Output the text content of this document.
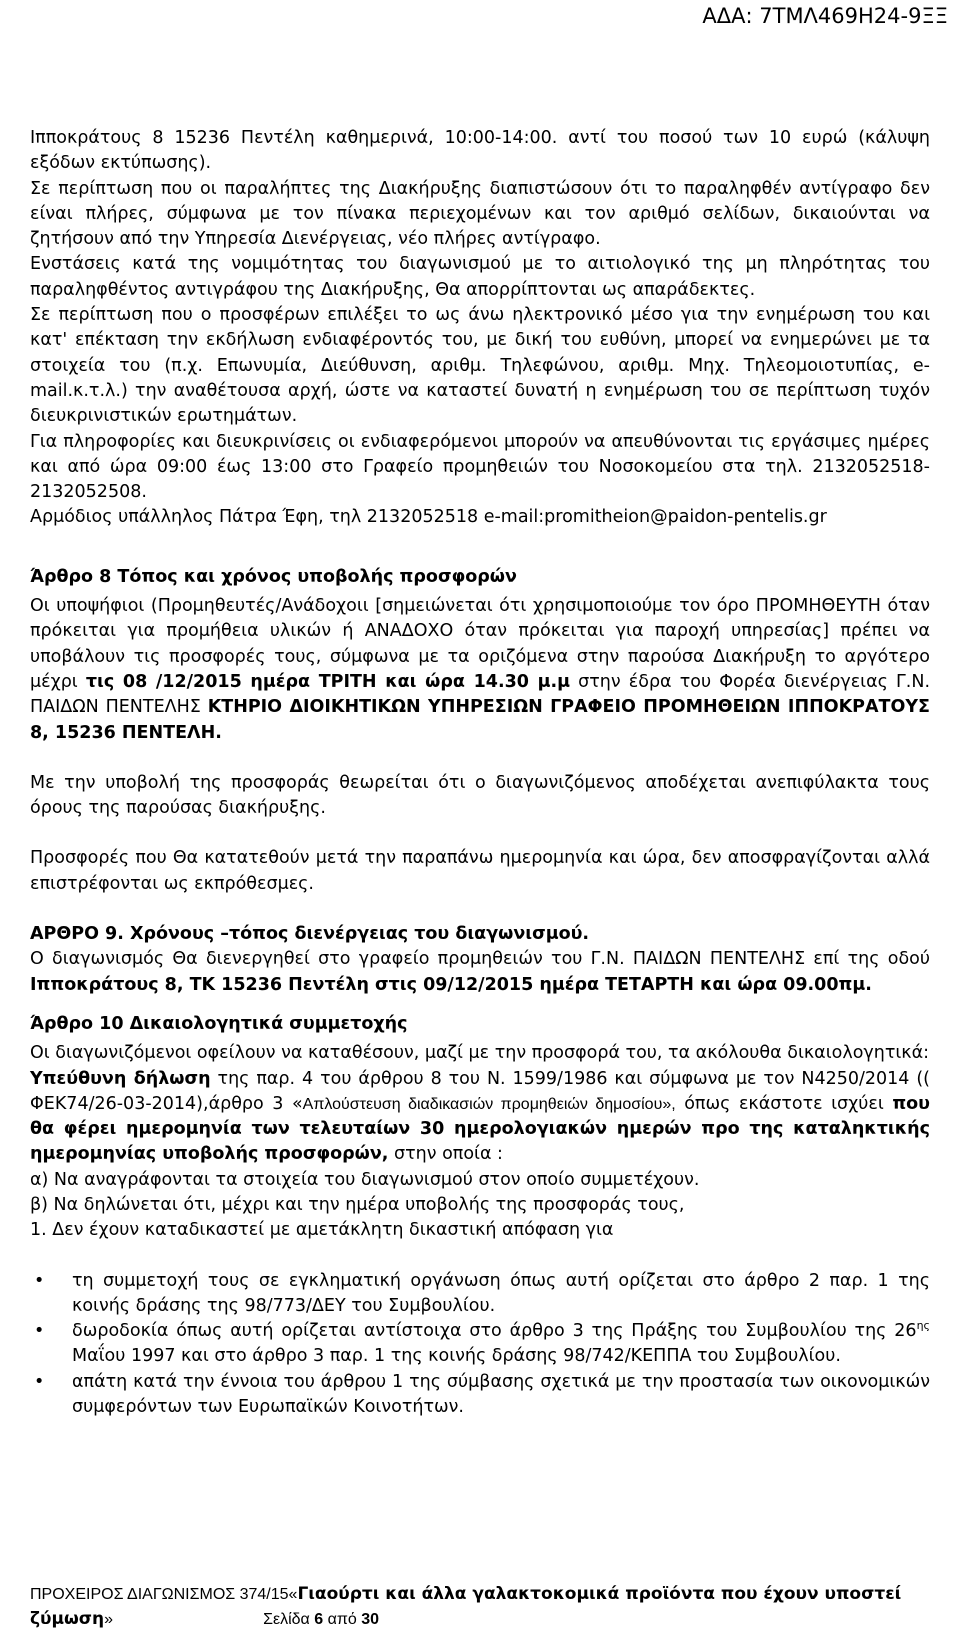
ΑΔΑ: 7ΤΜΛ469Η24-9ΞΞ

Ιπποκράτους 8 15236 Πεντέλη καθημερινά, 10:00-14:00. αντί του ποσού των 10 ευρώ (κάλυψη εξόδων εκτύπωσης).

Σε περίπτωση που οι παραλήπτες της Διακήρυξης διαπιστώσουν ότι το παραληφθέν αντίγραφο δεν είναι πλήρες, σύμφωνα με τον πίνακα περιεχομένων και τον αριθμό σελίδων, δικαιούνται να ζητήσουν από την Υπηρεσία Διενέργειας, νέο πλήρες αντίγραφο.

Ενστάσεις κατά της νομιμότητας του διαγωνισμού με το αιτιολογικό της μη πληρότητας του παραληφθέντος αντιγράφου της Διακήρυξης, Θα απορρίπτονται ως απαράδεκτες.

Σε περίπτωση που ο προσφέρων επιλέξει το ως άνω ηλεκτρονικό μέσο για την ενημέρωση του και κατ' επέκταση την εκδήλωση ενδιαφέροντός του, με δική του ευθύνη, μπορεί να ενημερώνει με τα στοιχεία του (π.χ. Επωνυμία, Διεύθυνση, αριθμ. Τηλεφώνου, αριθμ. Μηχ. Τηλεομοιοτυπίας, e-mail.κ.τ.λ.) την αναθέτουσα αρχή, ώστε να καταστεί δυνατή η ενημέρωση του σε περίπτωση τυχόν διευκρινιστικών ερωτημάτων.

Για πληροφορίες και διευκρινίσεις οι ενδιαφερόμενοι μπορούν να απευθύνονται τις εργάσιμες ημέρες και από ώρα 09:00 έως 13:00 στο Γραφείο προμηθειών του Νοσοκομείου στα τηλ. 2132052518-2132052508.

Αρμόδιος υπάλληλος Πάτρα Έφη, τηλ 2132052518 e-mail:promitheion@paidon-pentelis.gr

Άρθρο 8 Τόπος και χρόνος υποβολής προσφορών

Οι υποψήφιοι (Προμηθευτές/Ανάδοχοιι [σημειώνεται ότι χρησιμοποιούμε τον όρο ΠΡΟΜΗΘΕΥΤΗ όταν πρόκειται για προμήθεια υλικών ή ΑΝΑΔΟΧΟ όταν πρόκειται για παροχή υπηρεσίας] πρέπει να υποβάλουν τις προσφορές τους, σύμφωνα με τα οριζόμενα στην παρούσα Διακήρυξη το αργότερο μέχρι τις 08 /12/2015 ημέρα ΤΡΙΤΗ και ώρα 14.30 μ.μ στην έδρα του Φορέα διενέργειας Γ.Ν. ΠΑΙΔΩΝ ΠΕΝΤΕΛΗΣ ΚΤΗΡΙΟ ΔΙΟΙΚΗΤΙΚΩΝ ΥΠΗΡΕΣΙΩΝ ΓΡΑΦΕΙΟ ΠΡΟΜΗΘΕΙΩΝ ΙΠΠΟΚΡΑΤΟΥΣ 8, 15236 ΠΕΝΤΕΛΗ.

Με την υποβολή της προσφοράς θεωρείται ότι ο διαγωνιζόμενος αποδέχεται ανεπιφύλακτα τους όρους της παρούσας διακήρυξης.

Προσφορές που Θα κατατεθούν μετά την παραπάνω ημερομηνία και ώρα, δεν αποσφραγίζονται αλλά επιστρέφονται ως εκπρόθεσμες.

ΑΡΘΡΟ 9. Χρόνους –τόπος διενέργειας του διαγωνισμού.

Ο διαγωνισμός Θα διενεργηθεί στο γραφείο προμηθειών του Γ.Ν. ΠΑΙΔΩΝ ΠΕΝΤΕΛΗΣ επί της οδού Ιπποκράτους 8, ΤΚ 15236 Πεντέλη στις 09/12/2015 ημέρα ΤΕΤΑΡΤΗ και ώρα 09.00πμ.

Άρθρο 10 Δικαιολογητικά συμμετοχής

Οι διαγωνιζόμενοι οφείλουν να καταθέσουν, μαζί με την προσφορά του, τα ακόλουθα δικαιολογητικά:

Υπεύθυνη δήλωση της παρ. 4 του άρθρου 8 του Ν. 1599/1986 και σύμφωνα με τον Ν4250/2014 (( ΦΕΚ74/26-03-2014),άρθρο 3 «Απλούστευση διαδικασιών προμηθειών δημοσίου», όπως εκάστοτε ισχύει που θα φέρει ημερομηνία των τελευταίων 30 ημερολογιακών ημερών προ της καταληκτικής ημερομηνίας υποβολής προσφορών, στην οποία :

α) Να αναγράφονται τα στοιχεία του διαγωνισμού στον οποίο συμμετέχουν.

β) Να δηλώνεται ότι, μέχρι και την ημέρα υποβολής της προσφοράς τους,

1. Δεν έχουν καταδικαστεί με αμετάκλητη δικαστική απόφαση για

• τη συμμετοχή τους σε εγκληματική οργάνωση όπως αυτή ορίζεται στο άρθρο 2 παρ. 1 της κοινής δράσης της 98/773/ΔΕΥ του Συμβουλίου.
• δωροδοκία όπως αυτή ορίζεται αντίστοιχα στο άρθρο 3 της Πράξης του Συμβουλίου της $26^{\eta\varsigma}$ Μαΐου 1997 και στο άρθρο 3 παρ. 1 της κοινής δράσης 98/742/ΚΕΠΠΑ του Συμβουλίου.
• απάτη κατά την έννοια του άρθρου 1 της σύμβασης σχετικά με την προστασία των οικονομικών συμφερόντων των Ευρωπαϊκών Κοινοτήτων.
ΠΡΟΧΕΙΡΟΣ ΔΙΑΓΩΝΙΣΜΟΣ 374/15«Γιαούρτι και άλλα γαλακτοκομικά προϊόντα που έχουν υποστεί ζύμωση»	Σελίδα 6 από 30
